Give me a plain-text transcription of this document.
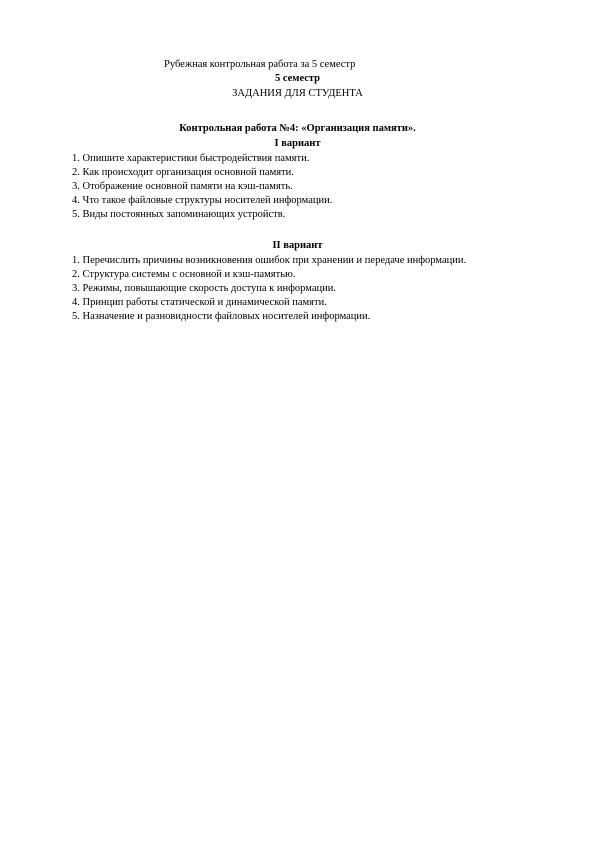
Рубежная контрольная работа за 5 семестр
5 семестр
ЗАДАНИЯ ДЛЯ СТУДЕНТА
Контрольная работа №4: «Организация памяти».
I вариант
1. Опишите характеристики быстродействия памяти.
2. Как происходит организация основной памяти.
3. Отображение основной памяти на кэш-память.
4. Что такое файловые структуры носителей информации.
5. Виды постоянных запоминающих устройств.
II вариант
1. Перечислить причины возникновения ошибок при хранении и передаче информации.
2. Структура системы с основной и кэш-памятью.
3. Режимы, повышающие скорость доступа к информации.
4. Принцип работы статической и динамической памяти.
5. Назначение и разновидности файловых носителей информации.
